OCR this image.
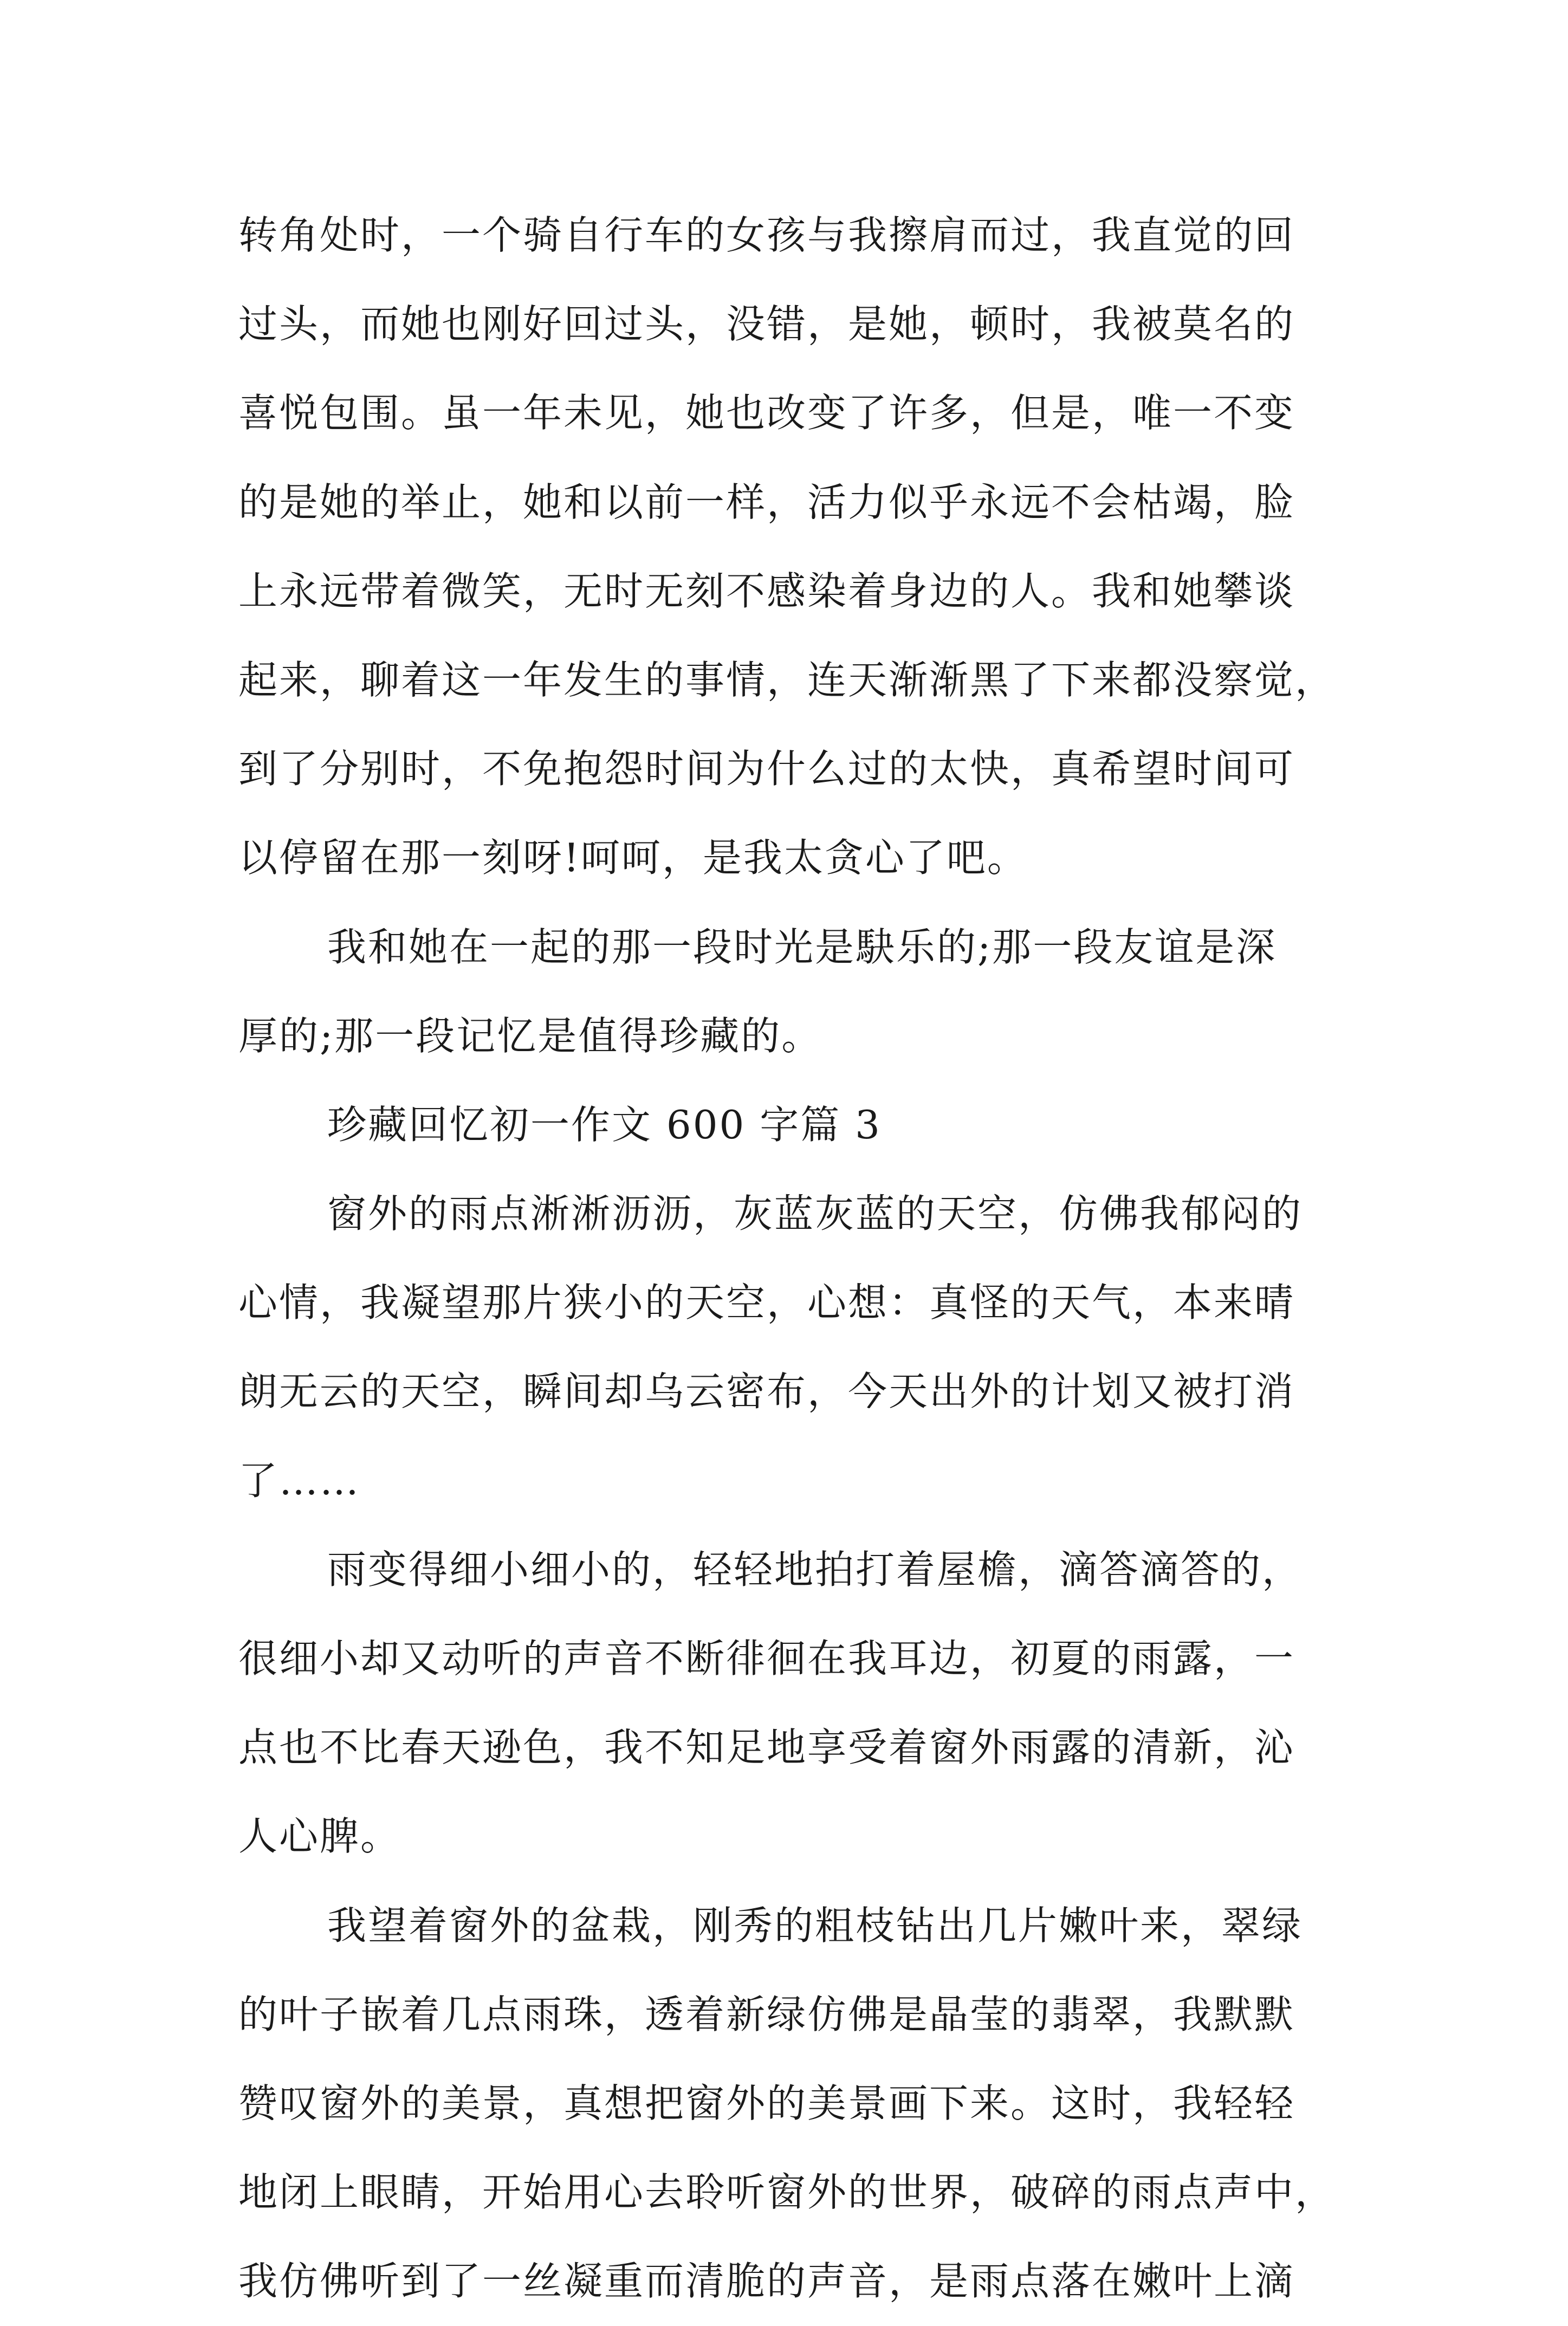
转角处时，一个骑自行车的女孩与我擦肩而过，我直觉的回
过头，而她也刚好回过头，没错，是她，顿时，我被莫名的
喜悦包围。虽一年未见，她也改变了许多，但是，唯一不变
的是她的举止，她和以前一样，活力似乎永远不会枯竭，脸
上永远带着微笑，无时无刻不感染着身边的人。我和她攀谈
起来，聊着这一年发生的事情，连天渐渐黑了下来都没察觉，
到了分别时，不免抱怨时间为什么过的太快，真希望时间可
以停留在那一刻呀!呵呵，是我太贪心了吧。
我和她在一起的那一段时光是駃乐的;那一段友谊是深
厚的;那一段记忆是值得珍藏的。
珍藏回忆初一作文 600 字篇 3
窗外的雨点淅淅沥沥，灰蓝灰蓝的天空，仿佛我郁闷的
心情，我凝望那片狭小的天空，心想：真怪的天气，本来晴
朗无云的天空，瞬间却乌云密布，今天出外的计划又被打消
了……
雨变得细小细小的，轻轻地拍打着屋檐，滴答滴答的，
很细小却又动听的声音不断徘徊在我耳边，初夏的雨露，一
点也不比春天逊色，我不知足地享受着窗外雨露的清新，沁
人心脾。
我望着窗外的盆栽，刚秀的粗枝钻出几片嫩叶来，翠绿
的叶子嵌着几点雨珠，透着新绿仿佛是晶莹的翡翠，我默默
赞叹窗外的美景，真想把窗外的美景画下来。这时，我轻轻
地闭上眼睛，开始用心去聆听窗外的世界，破碎的雨点声中，
我仿佛听到了一丝凝重而清脆的声音，是雨点落在嫩叶上滴
